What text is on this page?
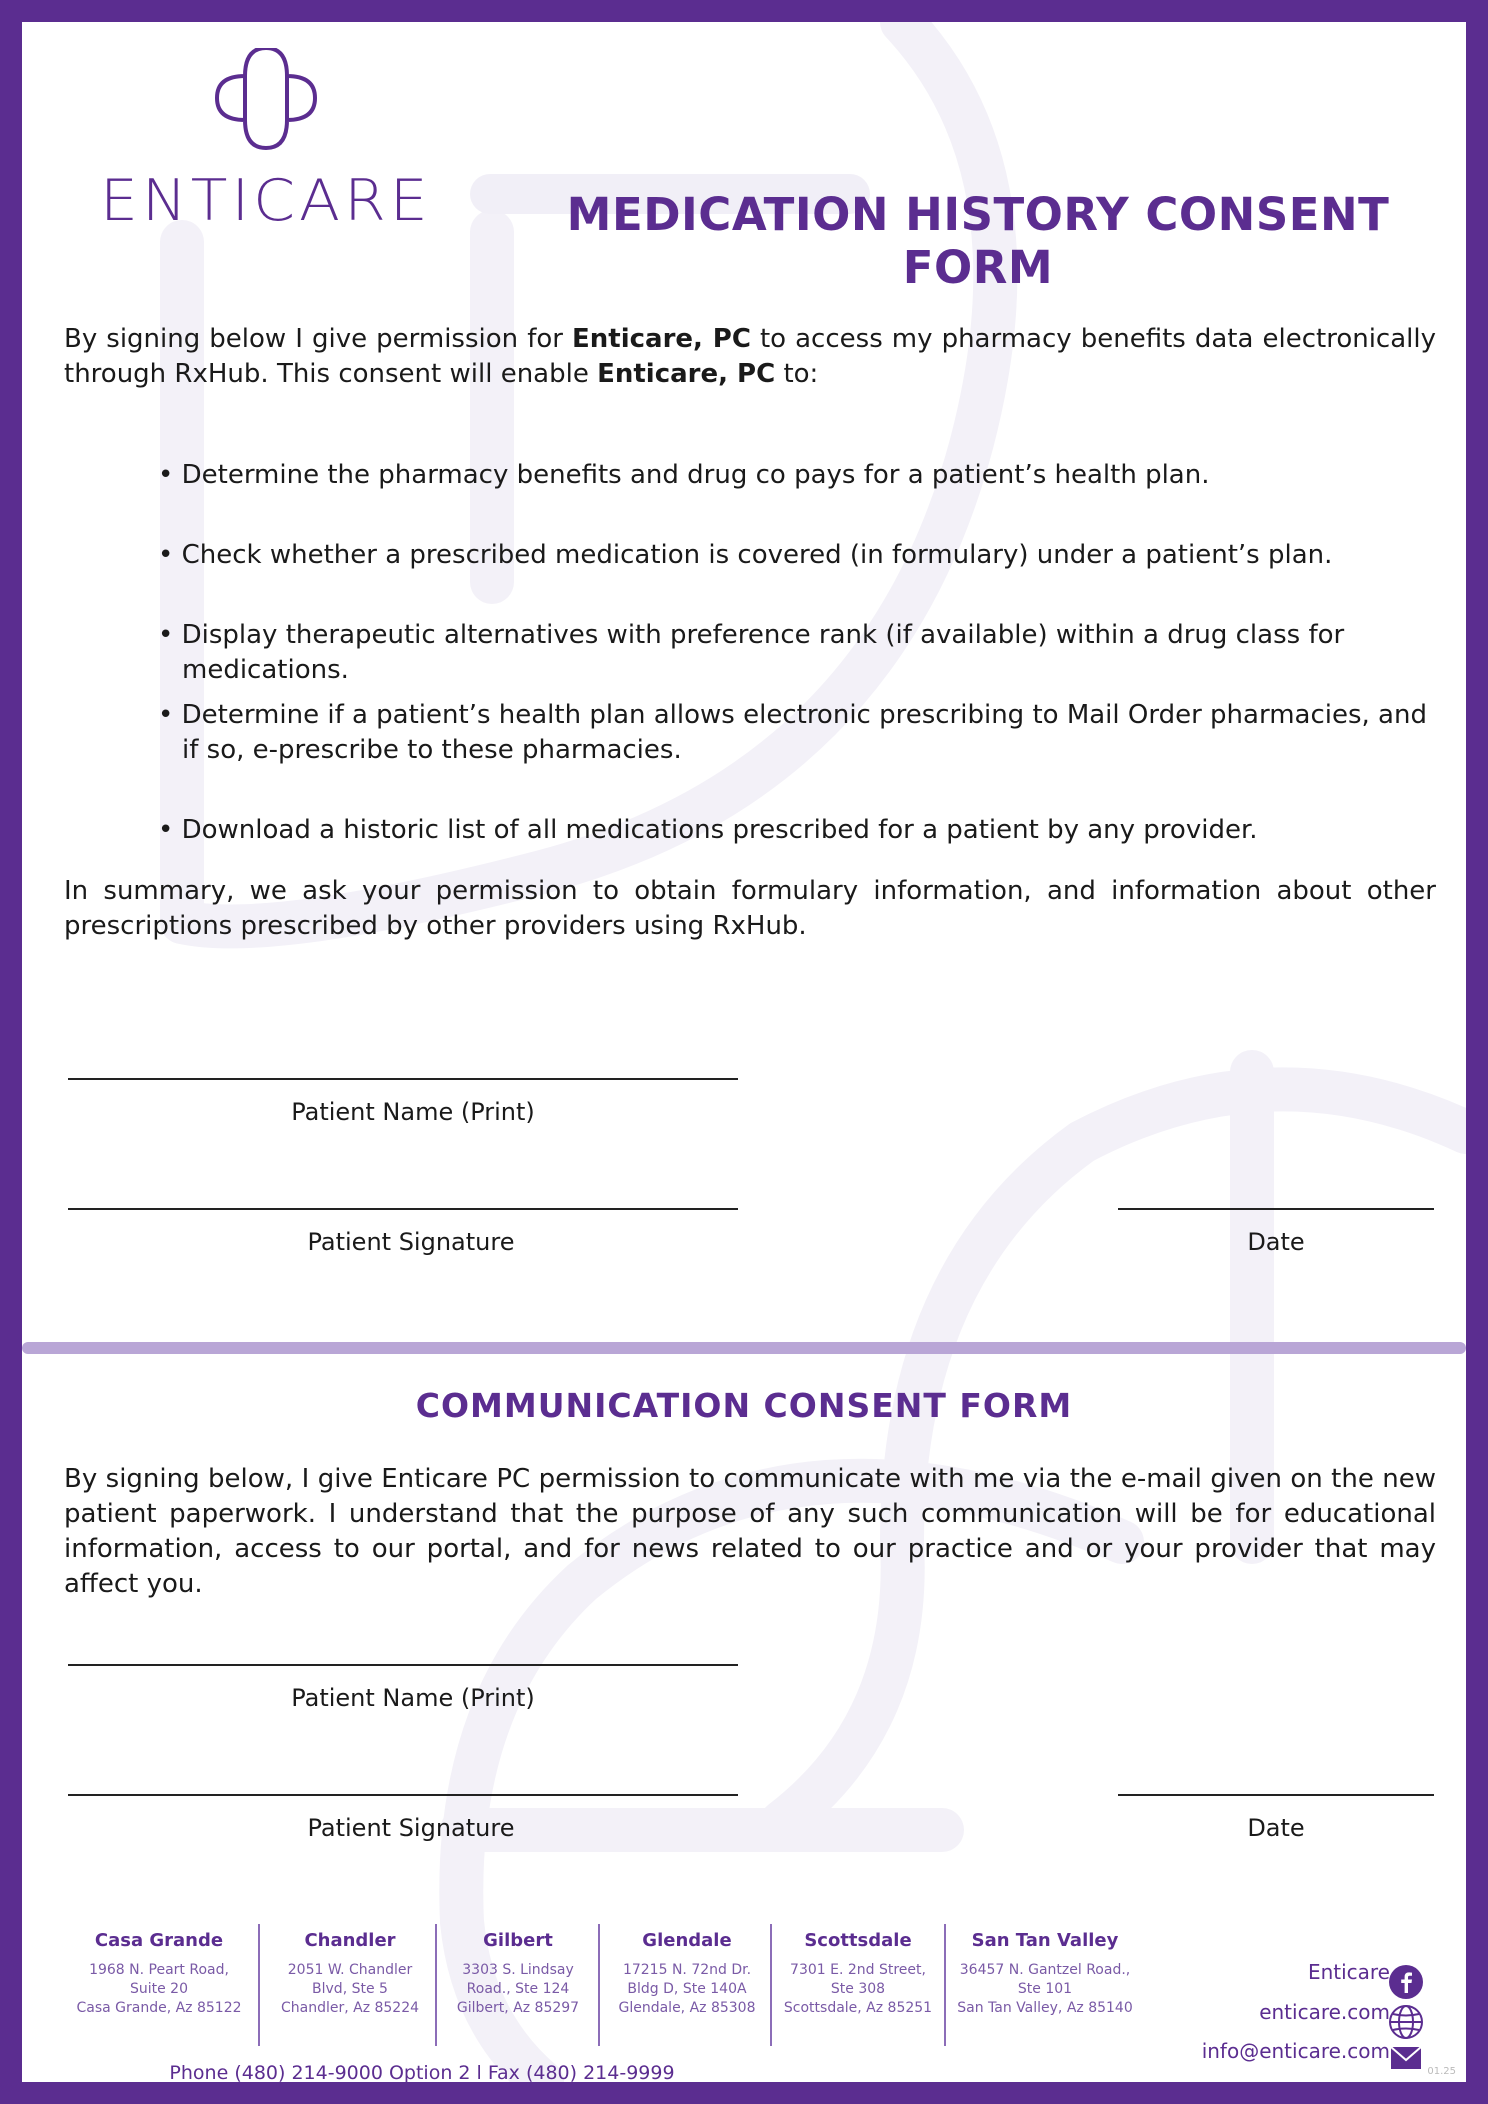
ENTICARE	MEDICATION HISTORY CONSENT FORM

By signing below I give permission for Enticare, PC to access my pharmacy benefits data electronically through RxHub. This consent will enable Enticare, PC to:

• Determine the pharmacy benefits and drug co pays for a patient’s health plan.
• Check whether a prescribed medication is covered (in formulary) under a patient’s plan.
• Display therapeutic alternatives with preference rank (if available) within a drug class for medications.
• Determine if a patient’s health plan allows electronic prescribing to Mail Order pharmacies, and if so, e-prescribe to these pharmacies.
• Download a historic list of all medications prescribed for a patient by any provider.

In summary, we ask your permission to obtain formulary information, and information about other prescriptions prescribed by other providers using RxHub.

Patient Name (Print)
Patient Signature	Date
COMMUNICATION CONSENT FORM

By signing below, I give Enticare PC permission to communicate with me via the e-mail given on the new patient paperwork. I understand that the purpose of any such communication will be for educational information, access to our portal, and for news related to our practice and or your provider that may affect you.

Patient Name (Print)
Patient Signature	Date
Casa Grande
1968 N. Peart Road,
Suite 20
Casa Grande, Az 85122
Chandler
2051 W. Chandler
Blvd, Ste 5
Chandler, Az 85224
Gilbert
3303 S. Lindsay
Road., Ste 124
Gilbert, Az 85297
Glendale
17215 N. 72nd Dr.
Bldg D, Ste 140A
Glendale, Az 85308
Scottsdale
7301 E. 2nd Street,
Ste 308
Scottsdale, Az 85251
San Tan Valley
36457 N. Gantzel Road.,
Ste 101
San Tan Valley, Az 85140
Phone (480) 214-9000 Option 2 l Fax (480) 214-9999
Enticare
enticare.com
info@enticare.com
01.25
